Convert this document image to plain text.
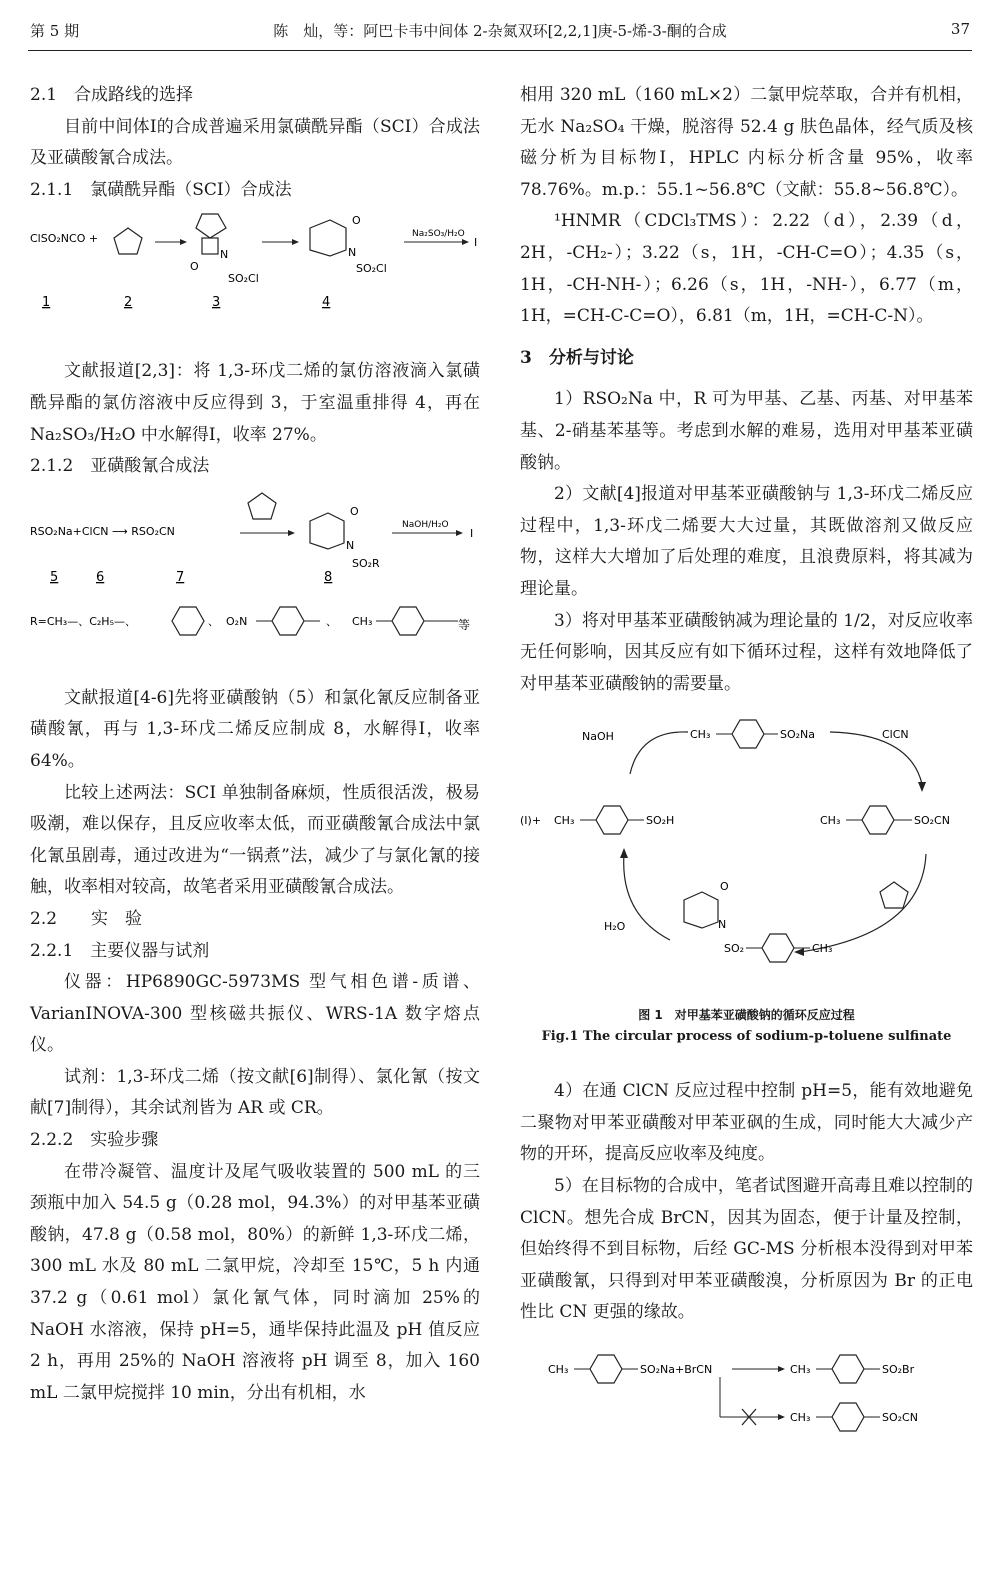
第 5 期	陈　灿，等：阿巴卡韦中间体 2-杂氮双环[2,2,1]庚-5-烯-3-酮的合成	37
2.1　合成路线的选择

目前中间体Ⅰ的合成普遍采用氯磺酰异酯（SCI）合成法及亚磺酸氰合成法。

2.1.1　氯磺酰异酯（SCI）合成法
ClSO₂NCO +
O
N
SO₂Cl
O
N
SO₂Cl
Na₂SO₃/H₂O
I
1	2	3	4

文献报道[2,3]：将 1,3-环戊二烯的氯仿溶液滴入氯磺酰异酯的氯仿溶液中反应得到 3，于室温重排得 4，再在 Na₂SO₃/H₂O 中水解得Ⅰ，收率 27%。

2.1.2　亚磺酸氰合成法
RSO₂Na+ClCN ⟶ RSO₂CN
O
N
SO₂R
NaOH/H₂O
I
5	6	7	8
R=CH₃—、C₂H₅—、	、 O₂N	、 CH₃	等

文献报道[4-6]先将亚磺酸钠（5）和氯化氰反应制备亚磺酸氰，再与 1,3-环戊二烯反应制成 8，水解得Ⅰ，收率 64%。

比较上述两法：SCI 单独制备麻烦，性质很活泼，极易吸潮，难以保存，且反应收率太低，而亚磺酸氰合成法中氯化氰虽剧毒，通过改进为“一锅煮”法，减少了与氯化氰的接触，收率相对较高，故笔者采用亚磺酸氰合成法。

2.2　　实　验
2.2.1　主要仪器与试剂

仪器：HP6890GC-5973MS 型气相色谱-质谱、VarianINOVA-300 型核磁共振仪、WRS-1A 数字熔点仪。

试剂：1,3-环戊二烯（按文献[6]制得）、氯化氰（按文献[7]制得），其余试剂皆为 AR 或 CR。

2.2.2　实验步骤

在带冷凝管、温度计及尾气吸收装置的 500 mL 的三颈瓶中加入 54.5 g（0.28 mol，94.3%）的对甲基苯亚磺酸钠，47.8 g（0.58 mol，80%）的新鲜 1,3-环戊二烯，300 mL 水及 80 mL 二氯甲烷，冷却至 15℃，5 h 内通 37.2 g（0.61 mol）氯化氰气体，同时滴加 25%的 NaOH 水溶液，保持 pH=5，通毕保持此温及 pH 值反应 2 h，再用 25%的 NaOH 溶液将 pH 调至 8，加入 160 mL 二氯甲烷搅拌 10 min，分出有机相，水

相用 320 mL（160 mL×2）二氯甲烷萃取，合并有机相，无水 Na₂SO₄ 干燥，脱溶得 52.4 g 肤色晶体，经气质及核磁分析为目标物Ⅰ，HPLC 内标分析含量 95%，收率 78.76%。m.p.：55.1~56.8℃（文献：55.8~56.8℃）。

¹HNMR（CDCl₃TMS）：2.22（d），2.39（d，2H，-CH₂-）；3.22（s，1H，-CH-C=O）；4.35（s，1H，-CH-NH-）；6.26（s，1H，-NH-），6.77（m，1H，=CH-C-C=O），6.81（m，1H，=CH-C-N）。

3　分析与讨论

1）RSO₂Na 中，R 可为甲基、乙基、丙基、对甲基苯基、2-硝基苯基等。考虑到水解的难易，选用对甲基苯亚磺酸钠。

2）文献[4]报道对甲基苯亚磺酸钠与 1,3-环戊二烯反应过程中，1,3-环戊二烯要大大过量，其既做溶剂又做反应物，这样大大增加了后处理的难度，且浪费原料，将其减为理论量。

3）将对甲基苯亚磺酸钠减为理论量的 1/2，对反应收率无任何影响，因其反应有如下循环过程，这样有效地降低了对甲基苯亚磺酸钠的需要量。

NaOH	CH₃	SO₂Na	ClCN
(Ⅰ)+ CH₃	SO₂H	CH₃	SO₂CN
O
N
H₂O
SO₂	CH₃
图 1　对甲基苯亚磺酸钠的循环反应过程
Fig.1 The circular process of sodium-p-toluene sulfinate

4）在通 ClCN 反应过程中控制 pH=5，能有效地避免二聚物对甲苯亚磺酸对甲苯亚砜的生成，同时能大大减少产物的开环，提高反应收率及纯度。

5）在目标物的合成中，笔者试图避开高毒且难以控制的 ClCN。想先合成 BrCN，因其为固态，便于计量及控制，但始终得不到目标物，后经 GC-MS 分析根本没得到对甲苯亚磺酸氰，只得到对甲苯亚磺酸溴，分析原因为 Br 的正电性比 CN 更强的缘故。

CH₃	SO₂Na+BrCN	CH₃	SO₂Br
CH₃	SO₂CN
